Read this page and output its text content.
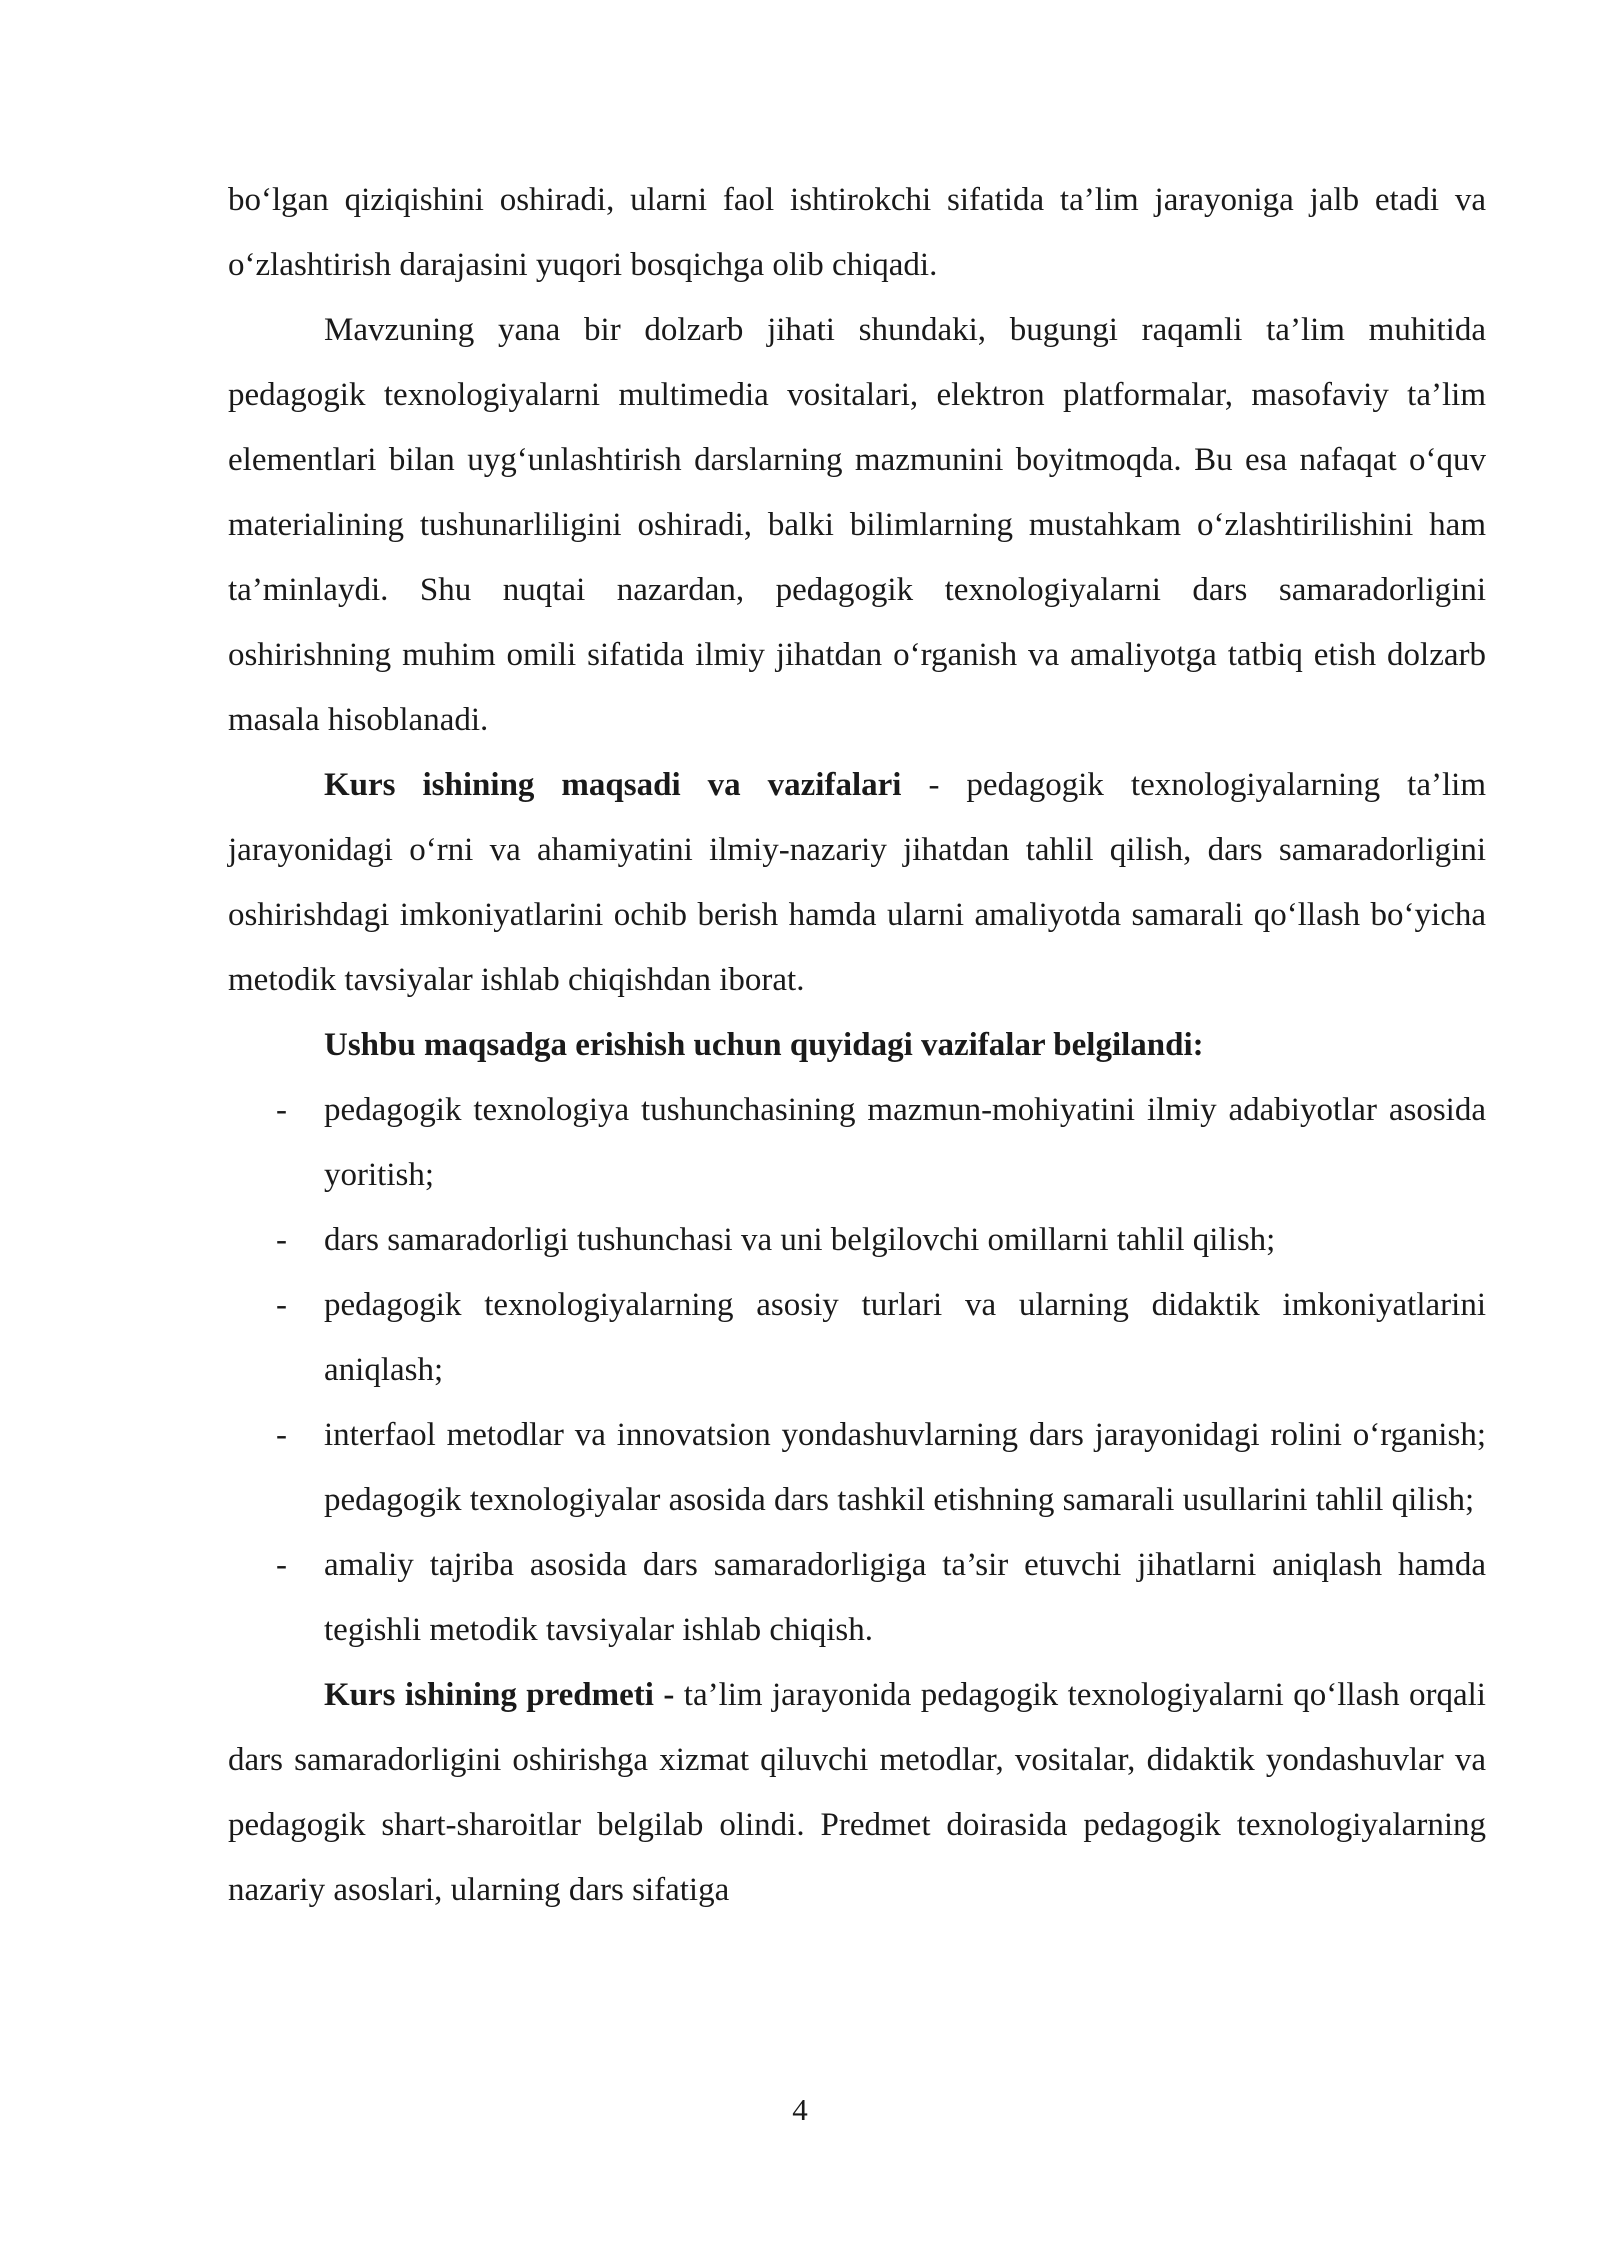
bo‘lgan qiziqishini oshiradi, ularni faol ishtirokchi sifatida ta’lim jarayoniga jalb etadi va o‘zlashtirish darajasini yuqori bosqichga olib chiqadi.

Mavzuning yana bir dolzarb jihati shundaki, bugungi raqamli ta’lim muhitida pedagogik texnologiyalarni multimedia vositalari, elektron platformalar, masofaviy ta’lim elementlari bilan uyg‘unlashtirish darslarning mazmunini boyitmoqda. Bu esa nafaqat o‘quv materialining tushunarliligini oshiradi, balki bilimlarning mustahkam o‘zlashtirilishini ham ta’minlaydi. Shu nuqtai nazardan, pedagogik texnologiyalarni dars samaradorligini oshirishning muhim omili sifatida ilmiy jihatdan o‘rganish va amaliyotga tatbiq etish dolzarb masala hisoblanadi.

Kurs ishining maqsadi va vazifalari - pedagogik texnologiyalarning ta’lim jarayonidagi o‘rni va ahamiyatini ilmiy-nazariy jihatdan tahlil qilish, dars samaradorligini oshirishdagi imkoniyatlarini ochib berish hamda ularni amaliyotda samarali qo‘llash bo‘yicha metodik tavsiyalar ishlab chiqishdan iborat.

Ushbu maqsadga erishish uchun quyidagi vazifalar belgilandi:

- pedagogik texnologiya tushunchasining mazmun-mohiyatini ilmiy adabiyotlar asosida yoritish;
- dars samaradorligi tushunchasi va uni belgilovchi omillarni tahlil qilish;
- pedagogik texnologiyalarning asosiy turlari va ularning didaktik imkoniyatlarini aniqlash;
- interfaol metodlar va innovatsion yondashuvlarning dars jarayonidagi rolini o‘rganish; pedagogik texnologiyalar asosida dars tashkil etishning samarali usullarini tahlil qilish;
- amaliy tajriba asosida dars samaradorligiga ta’sir etuvchi jihatlarni aniqlash hamda tegishli metodik tavsiyalar ishlab chiqish.

Kurs ishining predmeti - ta’lim jarayonida pedagogik texnologiyalarni qo‘llash orqali dars samaradorligini oshirishga xizmat qiluvchi metodlar, vositalar, didaktik yondashuvlar va pedagogik shart-sharoitlar belgilab olindi. Predmet doirasida pedagogik texnologiyalarning nazariy asoslari, ularning dars sifatiga

4
